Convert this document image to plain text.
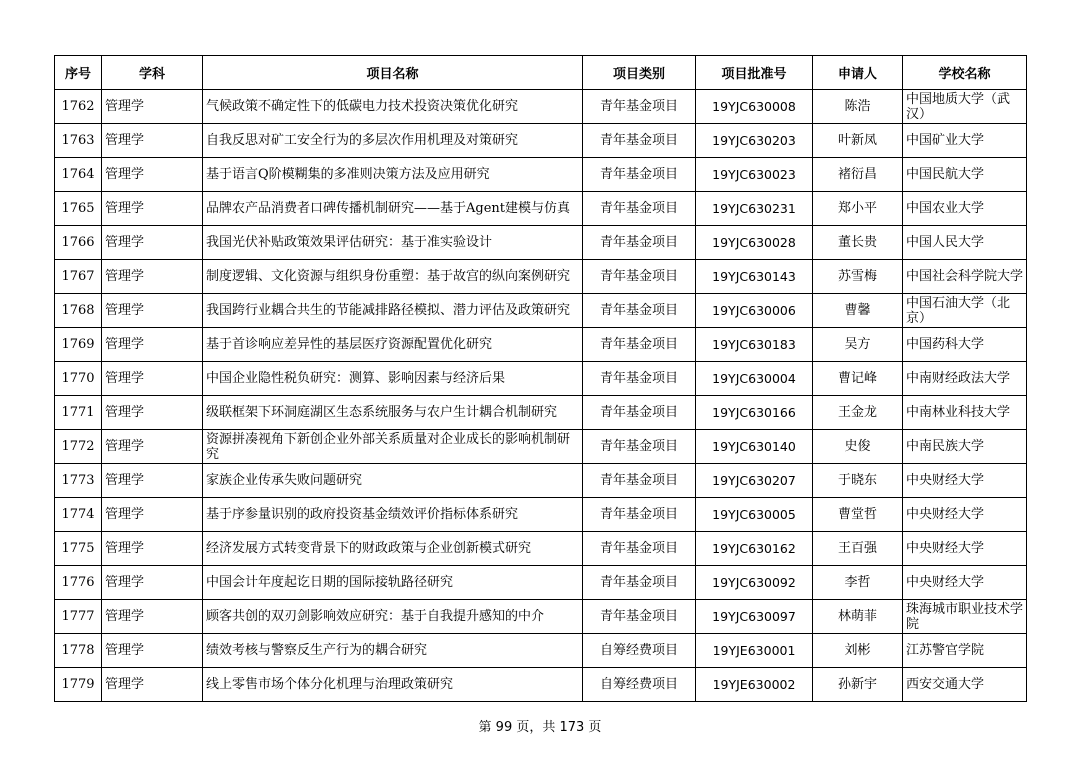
序号	学科	项目名称	项目类别	项目批准号	申请人	学校名称
1762	管理学	气候政策不确定性下的低碳电力技术投资决策优化研究	青年基金项目	19YJC630008	陈浩	中国地质大学（武汉）
1763	管理学	自我反思对矿工安全行为的多层次作用机理及对策研究	青年基金项目	19YJC630203	叶新凤	中国矿业大学
1764	管理学	基于语言Q阶模糊集的多准则决策方法及应用研究	青年基金项目	19YJC630023	褚衍昌	中国民航大学
1765	管理学	品牌农产品消费者口碑传播机制研究——基于Agent建模与仿真	青年基金项目	19YJC630231	郑小平	中国农业大学
1766	管理学	我国光伏补贴政策效果评估研究：基于准实验设计	青年基金项目	19YJC630028	董长贵	中国人民大学
1767	管理学	制度逻辑、文化资源与组织身份重塑：基于故宫的纵向案例研究	青年基金项目	19YJC630143	苏雪梅	中国社会科学院大学
1768	管理学	我国跨行业耦合共生的节能减排路径模拟、潜力评估及政策研究	青年基金项目	19YJC630006	曹馨	中国石油大学（北京）
1769	管理学	基于首诊响应差异性的基层医疗资源配置优化研究	青年基金项目	19YJC630183	吴方	中国药科大学
1770	管理学	中国企业隐性税负研究：测算、影响因素与经济后果	青年基金项目	19YJC630004	曹记峰	中南财经政法大学
1771	管理学	级联框架下环洞庭湖区生态系统服务与农户生计耦合机制研究	青年基金项目	19YJC630166	王金龙	中南林业科技大学
1772	管理学	资源拼凑视角下新创企业外部关系质量对企业成长的影响机制研究	青年基金项目	19YJC630140	史俊	中南民族大学
1773	管理学	家族企业传承失败问题研究	青年基金项目	19YJC630207	于晓东	中央财经大学
1774	管理学	基于序参量识别的政府投资基金绩效评价指标体系研究	青年基金项目	19YJC630005	曹堂哲	中央财经大学
1775	管理学	经济发展方式转变背景下的财政政策与企业创新模式研究	青年基金项目	19YJC630162	王百强	中央财经大学
1776	管理学	中国会计年度起讫日期的国际接轨路径研究	青年基金项目	19YJC630092	李哲	中央财经大学
1777	管理学	顾客共创的双刃剑影响效应研究：基于自我提升感知的中介	青年基金项目	19YJC630097	林萌菲	珠海城市职业技术学院
1778	管理学	绩效考核与警察反生产行为的耦合研究	自筹经费项目	19YJE630001	刘彬	江苏警官学院
1779	管理学	线上零售市场个体分化机理与治理政策研究	自筹经费项目	19YJE630002	孙新宇	西安交通大学
第 99 页，共 173 页
